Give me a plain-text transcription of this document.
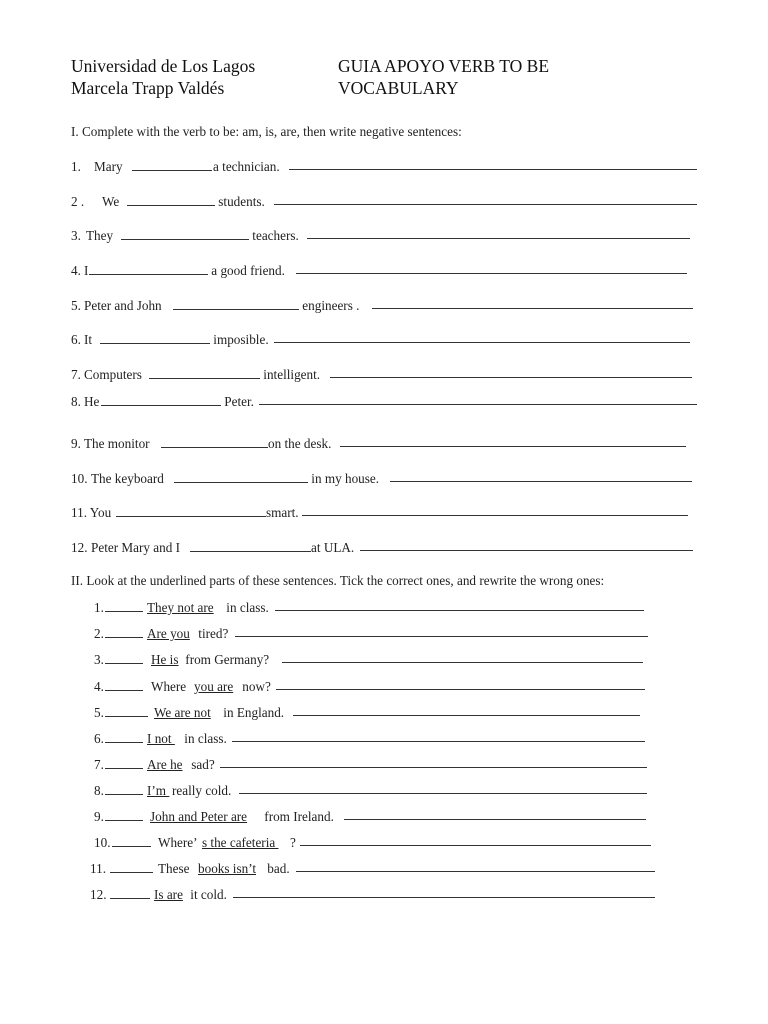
Universidad de Los Lagos
Marcela Trapp Valdés
GUIA APOYO VERB TO BE
VOCABULARY
I. Complete with the verb to be: am, is, are, then write negative sentences:
1. Mary	a technician.
2 . We	students.
3. They	teachers.
4. I	a good friend.
5. Peter and John	engineers .
6. It	imposible.
7. Computers	intelligent.
8. He	Peter.
9. The monitor	on the desk.
10. The keyboard	in my house.
11. You	smart.
12. Peter Mary and I	at ULA.
II. Look at the underlined parts of these sentences. Tick the correct ones, and rewrite the wrong ones:
1.	They not are in class.
2.	Are you tired?
3.	He is from Germany?
4.	Where you are now?
5.	We are not in England.
6.	I not in class.
7.	Are he sad?
8.	I’m really cold.
9.	John and Peter are from Ireland.
10.	Where’ s the cafeteria ?
11.	These books isn’t bad.
12.	Is are it cold.
